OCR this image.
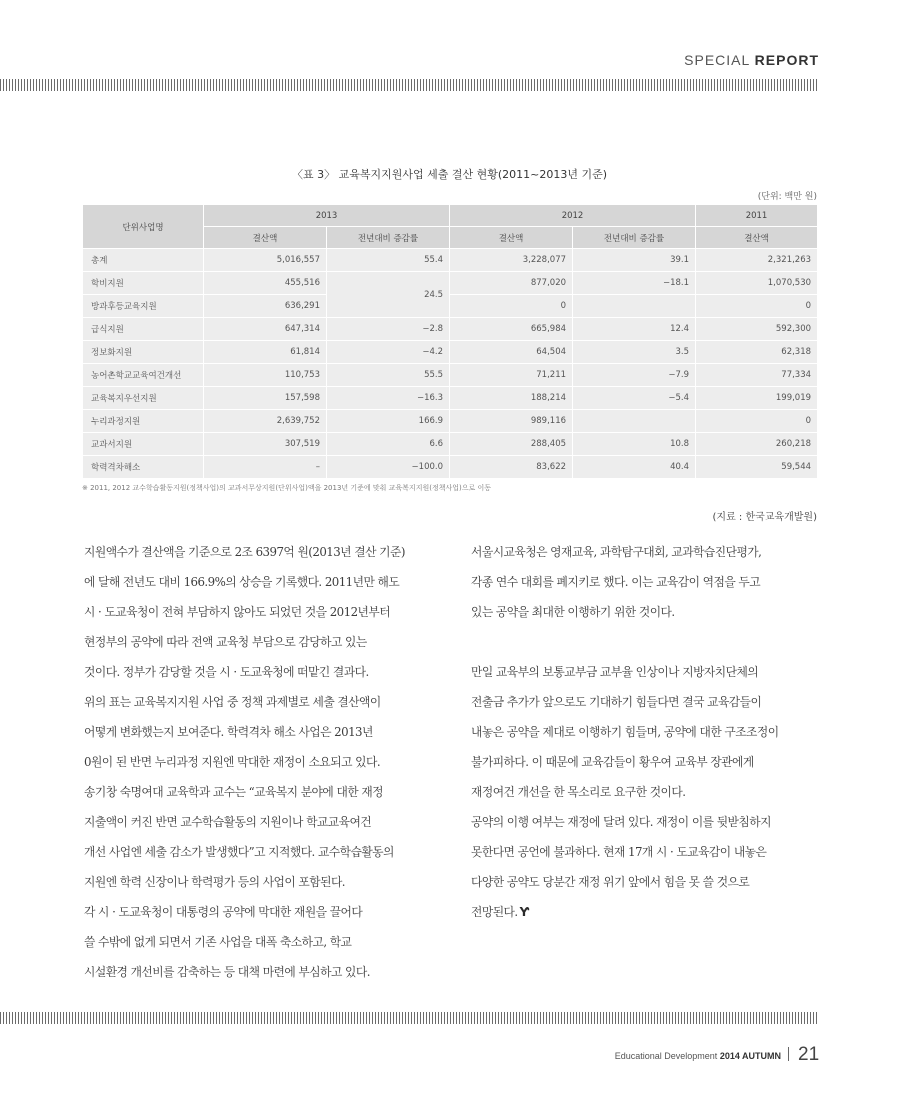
SPECIAL REPORT
〈표 3〉 교육복지지원사업 세출 결산 현황(2011~2013년 기준)
(단위: 백만 원)
단위사업명	2013		2012		2011
	결산액	전년대비 증감률	결산액	전년대비 증감률	결산액
총계	5,016,557	55.4	3,228,077	39.1	2,321,263
학비지원	455,516	24.5	877,020	−18.1	1,070,530
방과후등교육지원	636,291		0		0
급식지원	647,314	−2.8	665,984	12.4	592,300
정보화지원	61,814	−4.2	64,504	3.5	62,318
농어촌학교교육여건개선	110,753	55.5	71,211	−7.9	77,334
교육복지우선지원	157,598	−16.3	188,214	−5.4	199,019
누리과정지원	2,639,752	166.9	989,116		0
교과서지원	307,519	6.6	288,405	10.8	260,218
학력격차해소	–	−100.0	83,622	40.4	59,544
※ 2011, 2012 교수학습활동지원(정책사업)의 교과서무상지원(단위사업)액을 2013년 기준에 맞춰 교육복지지원(정책사업)으로 이동
(지료 : 한국교육개발원)

지원액수가 결산액을 기준으로 2조 6397억 원(2013년 결산 기준)
에 달해 전년도 대비 166.9%의 상승을 기록했다. 2011년만 해도
시 · 도교육청이 전혀 부담하지 않아도 되었던 것을 2012년부터
현정부의 공약에 따라 전액 교육청 부담으로 감당하고 있는
것이다. 정부가 감당할 것을 시 · 도교육청에 떠맡긴 결과다.

위의 표는 교육복지지원 사업 중 정책 과제별로 세출 결산액이
어떻게 변화했는지 보여준다. 학력격차 해소 사업은 2013년
0원이 된 반면 누리과정 지원엔 막대한 재정이 소요되고 있다.

송기창 숙명여대 교육학과 교수는 “교육복지 분야에 대한 재정
지출액이 커진 반면 교수학습활동의 지원이나 학교교육여건
개선 사업엔 세출 감소가 발생했다”고 지적했다. 교수학습활동의
지원엔 학력 신장이나 학력평가 등의 사업이 포함된다.

각 시 · 도교육청이 대통령의 공약에 막대한 재원을 끌어다
쓸 수밖에 없게 되면서 기존 사업을 대폭 축소하고, 학교
시설환경 개선비를 감축하는 등 대책 마련에 부심하고 있다.

서울시교육청은 영재교육, 과학탐구대회, 교과학습진단평가,
각종 연수 대회를 폐지키로 했다. 이는 교육감이 역점을 두고
있는 공약을 최대한 이행하기 위한 것이다.

만일 교육부의 보통교부금 교부율 인상이나 지방자치단체의
전출금 추가가 앞으로도 기대하기 힘들다면 결국 교육감들이
내놓은 공약을 제대로 이행하기 힘들며, 공약에 대한 구조조정이
불가피하다. 이 때문에 교육감들이 황우여 교육부 장관에게
재정여건 개선을 한 목소리로 요구한 것이다.

공약의 이행 여부는 재정에 달려 있다. 재정이 이를 뒷받침하지
못한다면 공언에 불과하다. 현재 17개 시 · 도교육감이 내놓은
다양한 공약도 당분간 재정 위기 앞에서 힘을 못 쓸 것으로
전망된다. Ƴ

Educational Development 2014 AUTUMN 21
